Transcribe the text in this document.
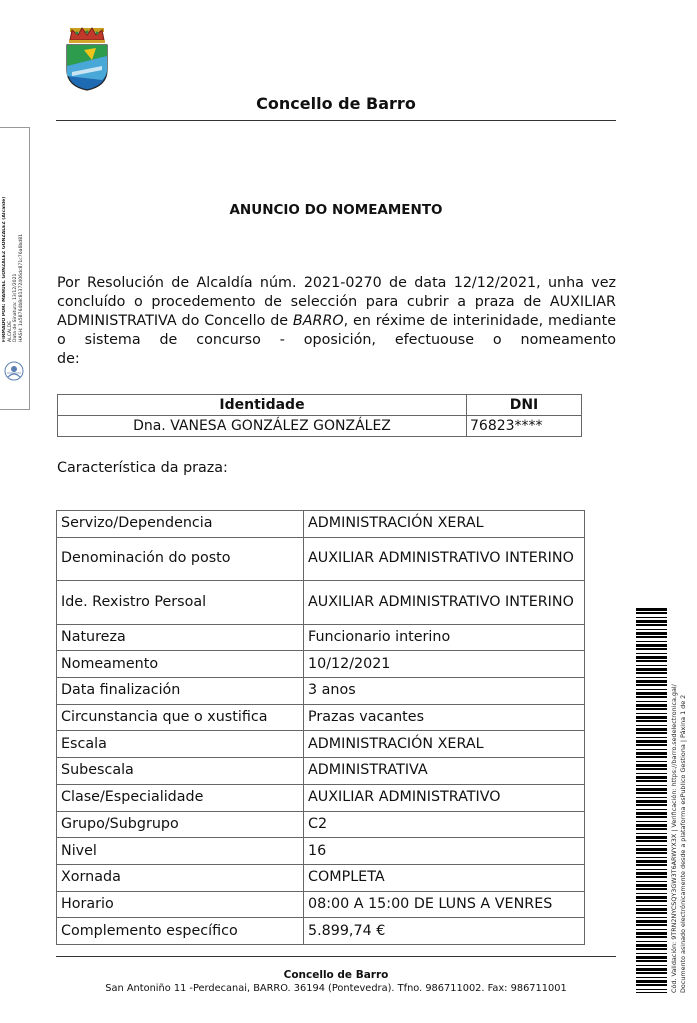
Concello de Barro
FIRMADO POR: MANUEL GONZÁLEZ GONZÁLEZ (Alcalde) ALCALDE Data de Sinatura: 13/12/2021 HASH: 1a58764b8c81372406dc871c76a6bd81
ANUNCIO DO NOMEAMENTO

Por Resolución de Alcaldía núm. 2021-0270 de data 12/12/2021, unha vez concluído o procedemento de selección para cubrir a praza de AUXILIAR ADMINISTRATIVA do Concello de BARRO, en réxime de interinidade, mediante o sistema de concurso - oposición, efectuouse o nomeamento
de:

Identidade	DNI
Dna. VANESA GONZÁLEZ GONZÁLEZ	76823****
Característica da praza:
Servizo/Dependencia	ADMINISTRACIÓN XERAL
Denominación do posto	AUXILIAR ADMINISTRATIVO INTERINO
Ide. Rexistro Persoal	AUXILIAR ADMINISTRATIVO INTERINO
Natureza	Funcionario interino
Nomeamento	10/12/2021
Data finalización	3 anos
Circunstancia que o xustifica	Prazas vacantes
Escala	ADMINISTRACIÓN XERAL
Subescala	ADMINISTRATIVA
Clase/Especialidade	AUXILIAR ADMINISTRATIVO
Grupo/Subgrupo	C2
Nivel	16
Xornada	COMPLETA
Horario	08:00 A 15:00 DE LUNS A VENRES
Complemento específico	5.899,74 €
Concello de Barro
San Antoniño 11 -Perdecanai, BARRO. 36194 (Pontevedra). Tfno. 986711002. Fax: 986711001	Cód. Validación: 9TRN2NYCSQY3GW3T6ARWYX3X | Verificación: https://barro.sedelectronica.gal/ Documento asinado electrónicamente desde a plataforma esPublico Gestiona | Páxina 1 de 2
